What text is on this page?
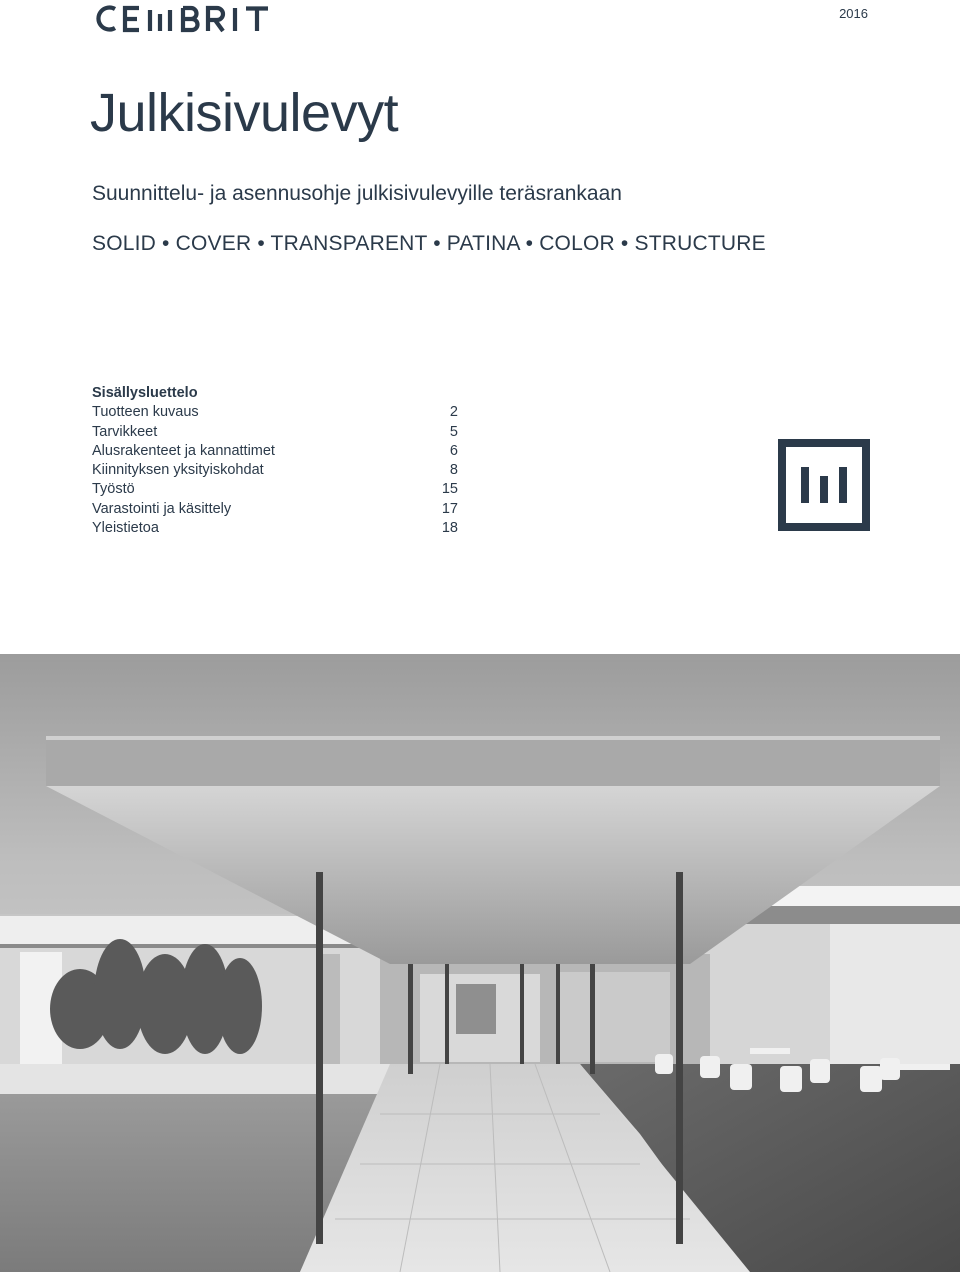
2016
Julkisivulevyt
Suunnittelu- ja asennusohje julkisivulevyille teräsrankaan
SOLID • COVER • TRANSPARENT • PATINA • COLOR • STRUCTURE
Sisällysluettelo
Tuotteen kuvaus	2
Tarvikkeet	5
Alusrakenteet ja kannattimet	6
Kiinnityksen yksityiskohdat	8
Työstö	15
Varastointi ja käsittely	17
Yleistietoa	18
